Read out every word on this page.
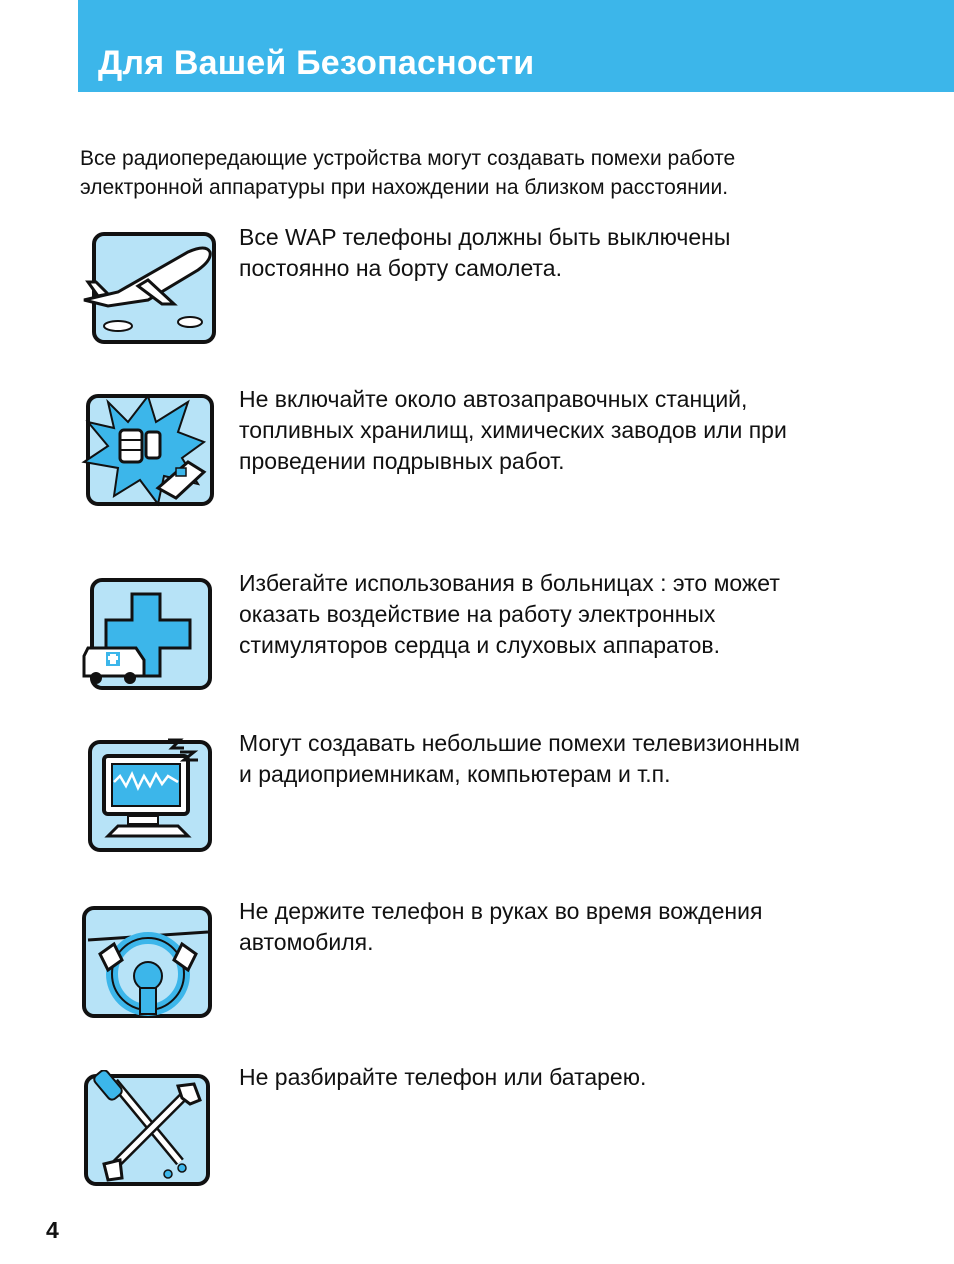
Для Вашей Безопасности
Все радиопередающие устройства могут создавать помехи работе
электронной аппаратуры при нахождении на близком расстоянии.
Все WAP телефоны должны быть выключены
постоянно на борту самолета.
Не включайте около автозаправочных станций,
топливных хранилищ, химических заводов или при
проведении подрывных работ.
Избегайте использования в больницах : это может
оказать воздействие на работу электронных
стимуляторов сердца и слуховых аппаратов.
Могут создавать небольшие помехи телевизионным
и радиоприемникам, компьютерам и т.п.
Не держите телефон в руках во время вождения
автомобиля.
Не разбирайте телефон или батарею.
4
